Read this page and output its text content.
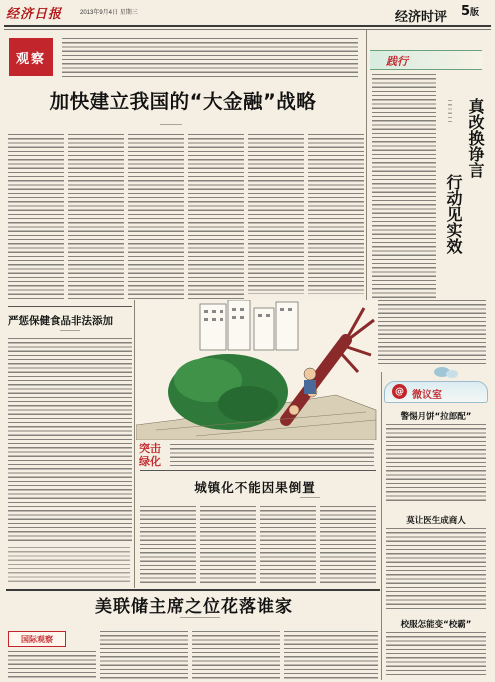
经济日报	2013年9月4日 星期三	经济时评	5版
观察
加快建立我国的“大金融”战略
践行
真改换诤言
行动见实效
严惩保健食品非法添加
突击绿化
城镇化不能因果倒置
美联储主席之位花落谁家
国际观察
@ 微议室
警惕月饼“拉郎配”
莫让医生成商人
校服怎能变“校霸”
